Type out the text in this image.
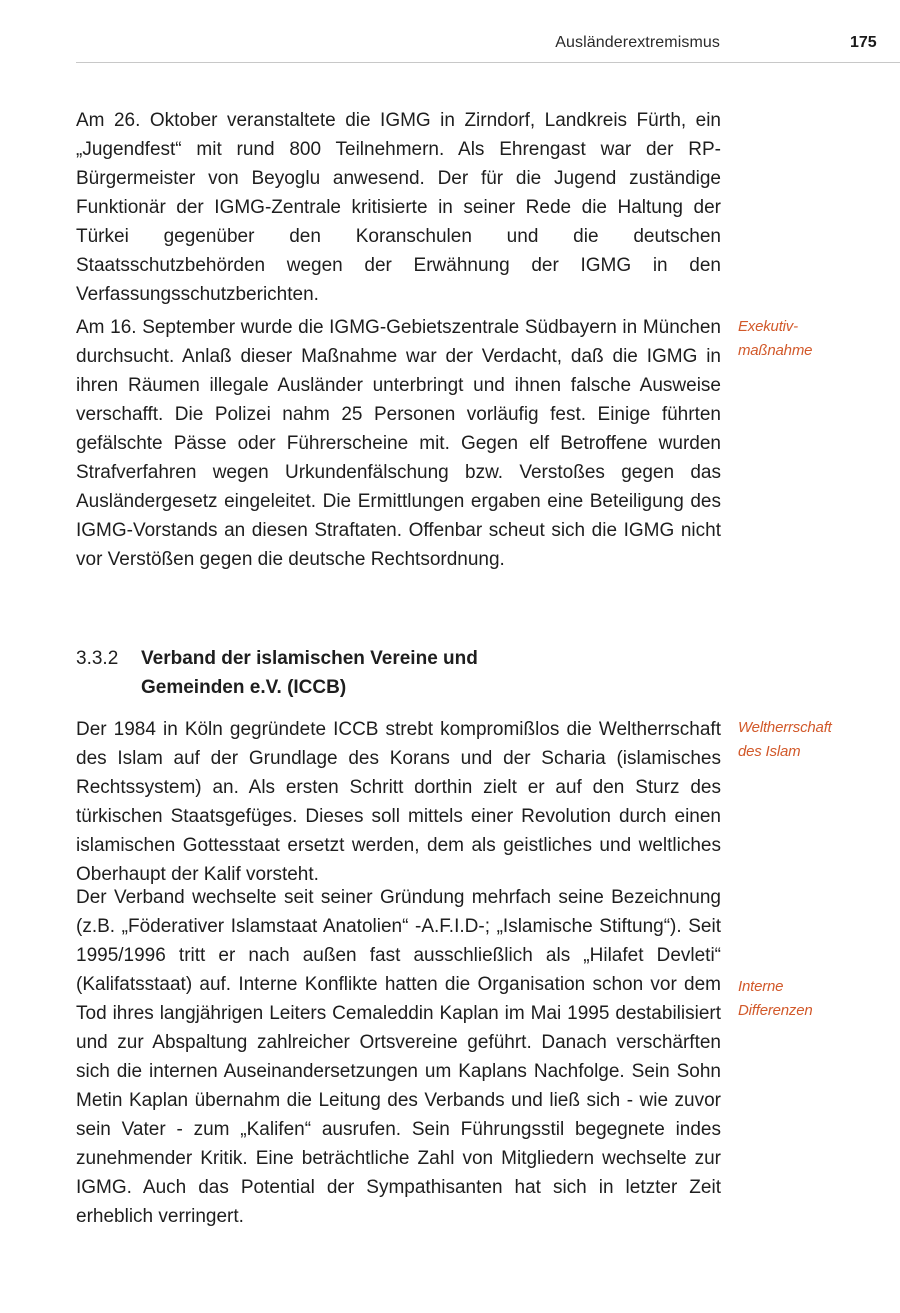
Ausländerextremismus	175

Am 26. Oktober veranstaltete die IGMG in Zirndorf, Landkreis Fürth, ein „Jugendfest“ mit rund 800 Teilnehmern. Als Ehrengast war der RP-Bürgermeister von Beyoglu anwesend. Der für die Jugend zuständige Funktionär der IGMG-Zentrale kritisierte in seiner Rede die Haltung der Türkei gegenüber den Koranschulen und die deutschen Staatsschutzbehörden wegen der Erwähnung der IGMG in den Verfassungsschutzberichten.

Am 16. September wurde die IGMG-Gebietszentrale Südbayern in München durchsucht. Anlaß dieser Maßnahme war der Verdacht, daß die IGMG in ihren Räumen illegale Ausländer unterbringt und ihnen falsche Ausweise verschafft. Die Polizei nahm 25 Personen vorläufig fest. Einige führten gefälschte Pässe oder Führerscheine mit. Gegen elf Betroffene wurden Strafverfahren wegen Urkundenfälschung bzw. Verstoßes gegen das Ausländergesetz eingeleitet. Die Ermittlungen ergaben eine Beteiligung des IGMG-Vorstands an diesen Straftaten. Offenbar scheut sich die IGMG nicht vor Verstößen gegen die deutsche Rechtsordnung.

Exekutiv-
maßnahme
3.3.2	Verband der islamischen Vereine und
Gemeinden e.V. (ICCB)

Der 1984 in Köln gegründete ICCB strebt kompromißlos die Weltherrschaft des Islam auf der Grundlage des Korans und der Scharia (islamisches Rechtssystem) an. Als ersten Schritt dorthin zielt er auf den Sturz des türkischen Staatsgefüges. Dieses soll mittels einer Revolution durch einen islamischen Gottesstaat ersetzt werden, dem als geistliches und weltliches Oberhaupt der Kalif vorsteht.

Weltherrschaft
des Islam

Der Verband wechselte seit seiner Gründung mehrfach seine Bezeichnung (z.B. „Föderativer Islamstaat Anatolien“ -A.F.I.D-; „Islamische Stiftung“). Seit 1995/1996 tritt er nach außen fast ausschließlich als „Hilafet Devleti“ (Kalifatsstaat) auf. Interne Konflikte hatten die Organisation schon vor dem Tod ihres langjährigen Leiters Cemaleddin Kaplan im Mai 1995 destabilisiert und zur Abspaltung zahlreicher Ortsvereine geführt. Danach verschärften sich die internen Auseinandersetzungen um Kaplans Nachfolge. Sein Sohn Metin Kaplan übernahm die Leitung des Verbands und ließ sich - wie zuvor sein Vater - zum „Kalifen“ ausrufen. Sein Führungsstil begegnete indes zunehmender Kritik. Eine beträchtliche Zahl von Mitgliedern wechselte zur IGMG. Auch das Potential der Sympathisanten hat sich in letzter Zeit erheblich verringert.

Interne
Differenzen
